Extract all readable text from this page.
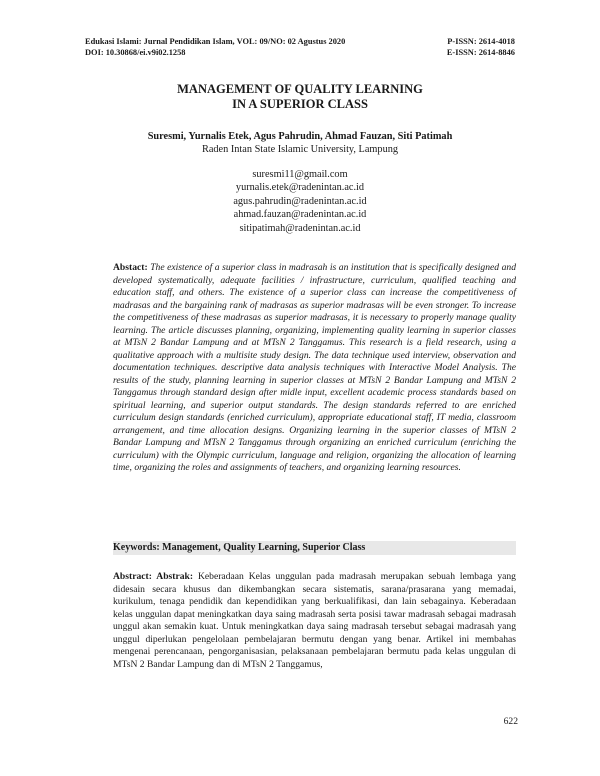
Edukasi Islami: Jurnal Pendidikan Islam, VOL: 09/NO: 02 Agustus 2020	P-ISSN: 2614-4018
DOI: 10.30868/ei.v9i02.1258	E-ISSN: 2614-8846
MANAGEMENT OF QUALITY LEARNING
IN A SUPERIOR CLASS
Suresmi, Yurnalis Etek, Agus Pahrudin, Ahmad Fauzan, Siti Patimah
Raden Intan State Islamic University, Lampung
suresmi11@gmail.com
yurnalis.etek@radenintan.ac.id
agus.pahrudin@radenintan.ac.id
ahmad.fauzan@radenintan.ac.id
sitipatimah@radenintan.ac.id
Abstact: The existence of a superior class in madrasah is an institution that is specifically designed and developed systematically, adequate facilities / infrastructure, curriculum, qualified teaching and education staff, and others. The existence of a superior class can increase the competitiveness of madrasas and the bargaining rank of madrasas as superior madrasas will be even stronger. To increase the competitiveness of these madrasas as superior madrasas, it is necessary to properly manage quality learning. The article discusses planning, organizing, implementing quality learning in superior classes at MTsN 2 Bandar Lampung and at MTsN 2 Tanggamus. This research is a field research, using a qualitative approach with a multisite study design. The data technique used interview, observation and documentation techniques. descriptive data analysis techniques with Interactive Model Analysis. The results of the study, planning learning in superior classes at MTsN 2 Bandar Lampung and MTsN 2 Tanggamus through standard design after midle input, excellent academic process standards based on spiritual learning, and superior output standards. The design standards referred to are enriched curriculum design standards (enriched curriculum), appropriate educational staff, IT media, classroom arrangement, and time allocation designs. Organizing learning in the superior classes of MTsN 2 Bandar Lampung and MTsN 2 Tanggamus through organizing an enriched curriculum (enriching the curriculum) with the Olympic curriculum, language and religion, organizing the allocation of learning time, organizing the roles and assignments of teachers, and organizing learning resources.
Keywords: Management, Quality Learning, Superior Class
Abstract: Abstrak: Keberadaan Kelas unggulan pada madrasah merupakan sebuah lembaga yang didesain secara khusus dan dikembangkan secara sistematis, sarana/prasarana yang memadai, kurikulum, tenaga pendidik dan kependidikan yang berkualifikasi, dan lain sebagainya. Keberadaan kelas unggulan dapat meningkatkan daya saing madrasah serta posisi tawar madrasah sebagai madrasah unggul akan semakin kuat. Untuk meningkatkan daya saing madrasah tersebut sebagai madrasah yang unggul diperlukan pengelolaan pembelajaran bermutu dengan yang benar. Artikel ini membahas mengenai perencanaan, pengorganisasian, pelaksanaan pembelajaran bermutu pada kelas unggulan di MTsN 2 Bandar Lampung dan di MTsN 2 Tanggamus,
622
